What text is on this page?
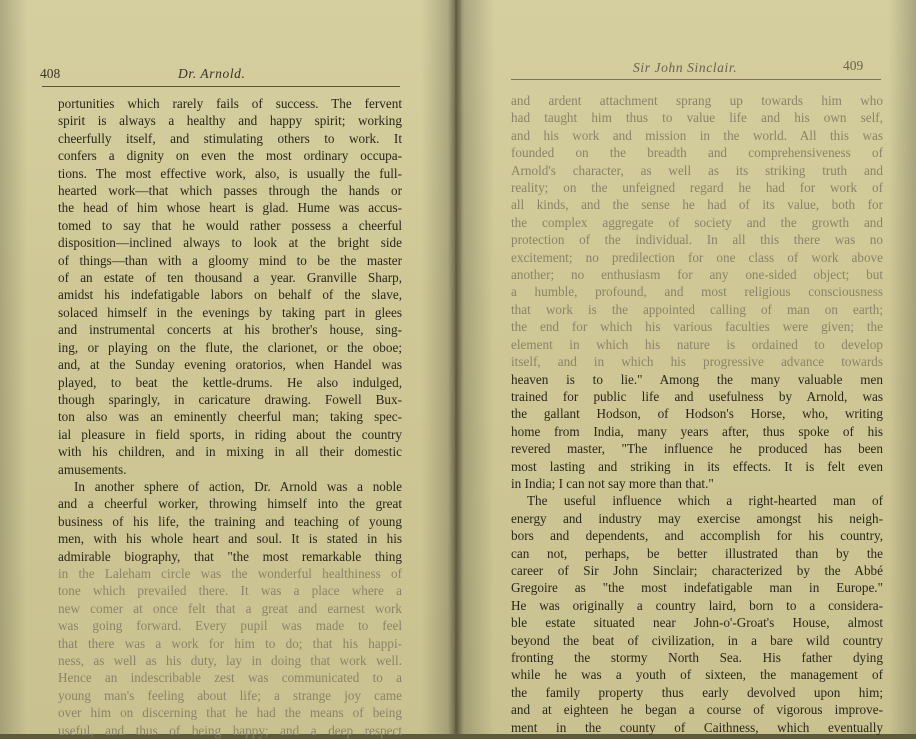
408	Dr. Arnold.
portunities which rarely fails of success. The fervent
spirit is always a healthy and happy spirit; working
cheerfully itself, and stimulating others to work. It
confers a dignity on even the most ordinary occupa-
tions. The most effective work, also, is usually the full-
hearted work—that which passes through the hands or
the head of him whose heart is glad. Hume was accus-
tomed to say that he would rather possess a cheerful
disposition—inclined always to look at the bright side
of things—than with a gloomy mind to be the master
of an estate of ten thousand a year. Granville Sharp,
amidst his indefatigable labors on behalf of the slave,
solaced himself in the evenings by taking part in glees
and instrumental concerts at his brother's house, sing-
ing, or playing on the flute, the clarionet, or the oboe;
and, at the Sunday evening oratorios, when Handel was
played, to beat the kettle-drums. He also indulged,
though sparingly, in caricature drawing. Fowell Bux-
ton also was an eminently cheerful man; taking spec-
ial pleasure in field sports, in riding about the country
with his children, and in mixing in all their domestic
amusements.
In another sphere of action, Dr. Arnold was a noble
and a cheerful worker, throwing himself into the great
business of his life, the training and teaching of young
men, with his whole heart and soul. It is stated in his
admirable biography, that "the most remarkable thing
in the Laleham circle was the wonderful healthiness of
tone which prevailed there. It was a place where a
new comer at once felt that a great and earnest work
was going forward. Every pupil was made to feel
that there was a work for him to do; that his happi-
ness, as well as his duty, lay in doing that work well.
Hence an indescribable zest was communicated to a
young man's feeling about life; a strange joy came
over him on discerning that he had the means of being
useful, and thus of being happy; and a deep respect
Sir John Sinclair.	409
and ardent attachment sprang up towards him who
had taught him thus to value life and his own self,
and his work and mission in the world. All this was
founded on the breadth and comprehensiveness of
Arnold's character, as well as its striking truth and
reality; on the unfeigned regard he had for work of
all kinds, and the sense he had of its value, both for
the complex aggregate of society and the growth and
protection of the individual. In all this there was no
excitement; no predilection for one class of work above
another; no enthusiasm for any one-sided object; but
a humble, profound, and most religious consciousness
that work is the appointed calling of man on earth;
the end for which his various faculties were given; the
element in which his nature is ordained to develop
itself, and in which his progressive advance towards
heaven is to lie." Among the many valuable men
trained for public life and usefulness by Arnold, was
the gallant Hodson, of Hodson's Horse, who, writing
home from India, many years after, thus spoke of his
revered master, "The influence he produced has been
most lasting and striking in its effects. It is felt even
in India; I can not say more than that."
The useful influence which a right-hearted man of
energy and industry may exercise amongst his neigh-
bors and dependents, and accomplish for his country,
can not, perhaps, be better illustrated than by the
career of Sir John Sinclair; characterized by the Abbé
Gregoire as "the most indefatigable man in Europe."
He was originally a country laird, born to a considera-
ble estate situated near John-o'-Groat's House, almost
beyond the beat of civilization, in a bare wild country
fronting the stormy North Sea. His father dying
while he was a youth of sixteen, the management of
the family property thus early devolved upon him;
and at eighteen he began a course of vigorous improve-
ment in the county of Caithness, which eventually
